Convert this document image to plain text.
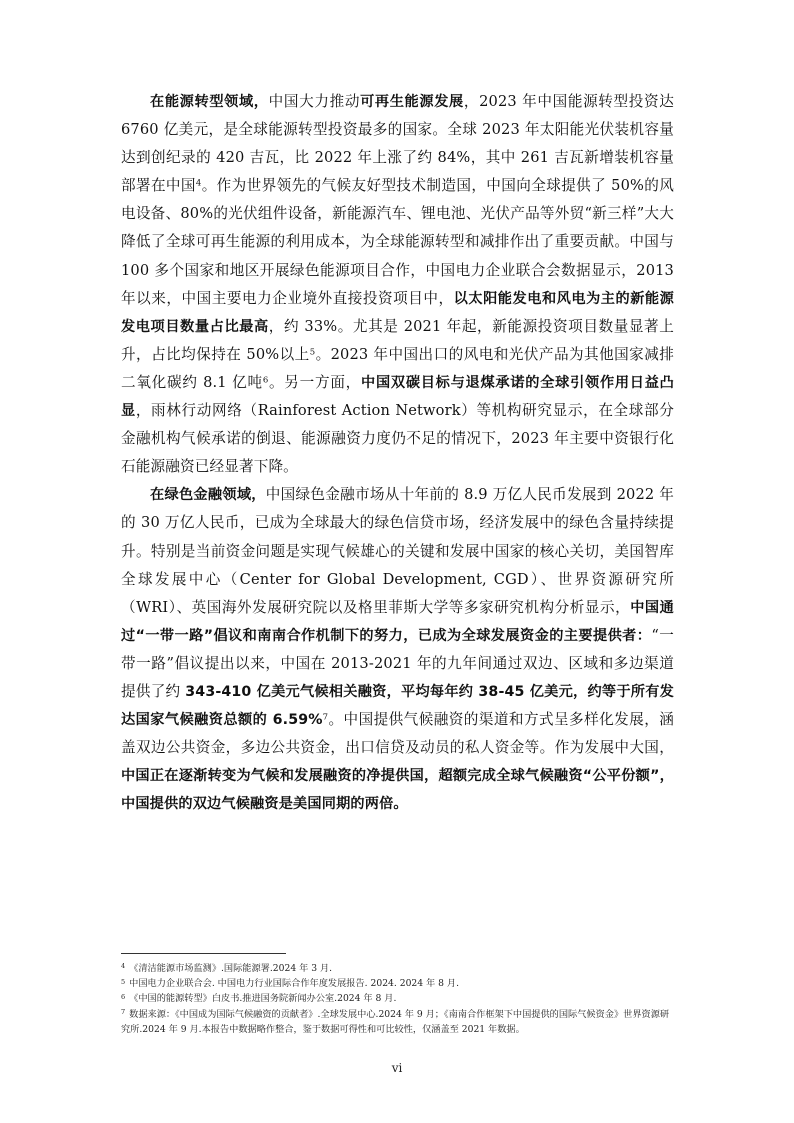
在能源转型领域，中国大力推动可再生能源发展，2023 年中国能源转型投资达 6760 亿美元，是全球能源转型投资最多的国家。全球 2023 年太阳能光伏装机容量达到创纪录的 420 吉瓦，比 2022 年上涨了约 84%，其中 261 吉瓦新增装机容量部署在中国$^4$。作为世界领先的气候友好型技术制造国，中国向全球提供了 50%的风电设备、80%的光伏组件设备，新能源汽车、锂电池、光伏产品等外贸“新三样”大大降低了全球可再生能源的利用成本，为全球能源转型和减排作出了重要贡献。中国与 100 多个国家和地区开展绿色能源项目合作，中国电力企业联合会数据显示，2013 年以来，中国主要电力企业境外直接投资项目中，以太阳能发电和风电为主的新能源发电项目数量占比最高，约 33%。尤其是 2021 年起，新能源投资项目数量显著上升，占比均保持在 50%以上$^5$。2023 年中国出口的风电和光伏产品为其他国家减排二氧化碳约 8.1 亿吨$^6$。另一方面，中国双碳目标与退煤承诺的全球引领作用日益凸显，雨林行动网络（Rainforest Action Network）等机构研究显示，在全球部分金融机构气候承诺的倒退、能源融资力度仍不足的情况下，2023 年主要中资银行化石能源融资已经显著下降。

在绿色金融领域，中国绿色金融市场从十年前的 8.9 万亿人民币发展到 2022 年的 30 万亿人民币，已成为全球最大的绿色信贷市场，经济发展中的绿色含量持续提升。特别是当前资金问题是实现气候雄心的关键和发展中国家的核心关切，美国智库全球发展中心（Center for Global Development, CGD）、世界资源研究所（WRI）、英国海外发展研究院以及格里菲斯大学等多家研究机构分析显示，中国通过“一带一路”倡议和南南合作机制下的努力，已成为全球发展资金的主要提供者：“一带一路”倡议提出以来，中国在 2013-2021 年的九年间通过双边、区域和多边渠道提供了约 343-410 亿美元气候相关融资，平均每年约 38-45 亿美元，约等于所有发达国家气候融资总额的 6.59%$^7$。中国提供气候融资的渠道和方式呈多样化发展，涵盖双边公共资金，多边公共资金，出口信贷及动员的私人资金等。作为发展中大国，中国正在逐渐转变为气候和发展融资的净提供国，超额完成全球气候融资“公平份额”，中国提供的双边气候融资是美国同期的两倍。

$^4$ 《清洁能源市场监测》.国际能源署.2024 年 3 月.

$^5$ 中国电力企业联合会. 中国电力行业国际合作年度发展报告. 2024. 2024 年 8 月.

$^6$ 《中国的能源转型》白皮书.推进国务院新闻办公室.2024 年 8 月.

$^7$ 数据来源：《中国成为国际气候融资的贡献者》.全球发展中心.2024 年 9 月；《南南合作框架下中国提供的国际气候资金》世界资源研究所.2024 年 9 月.本报告中数据略作整合，鉴于数据可得性和可比较性，仅涵盖至 2021 年数据。

vi
